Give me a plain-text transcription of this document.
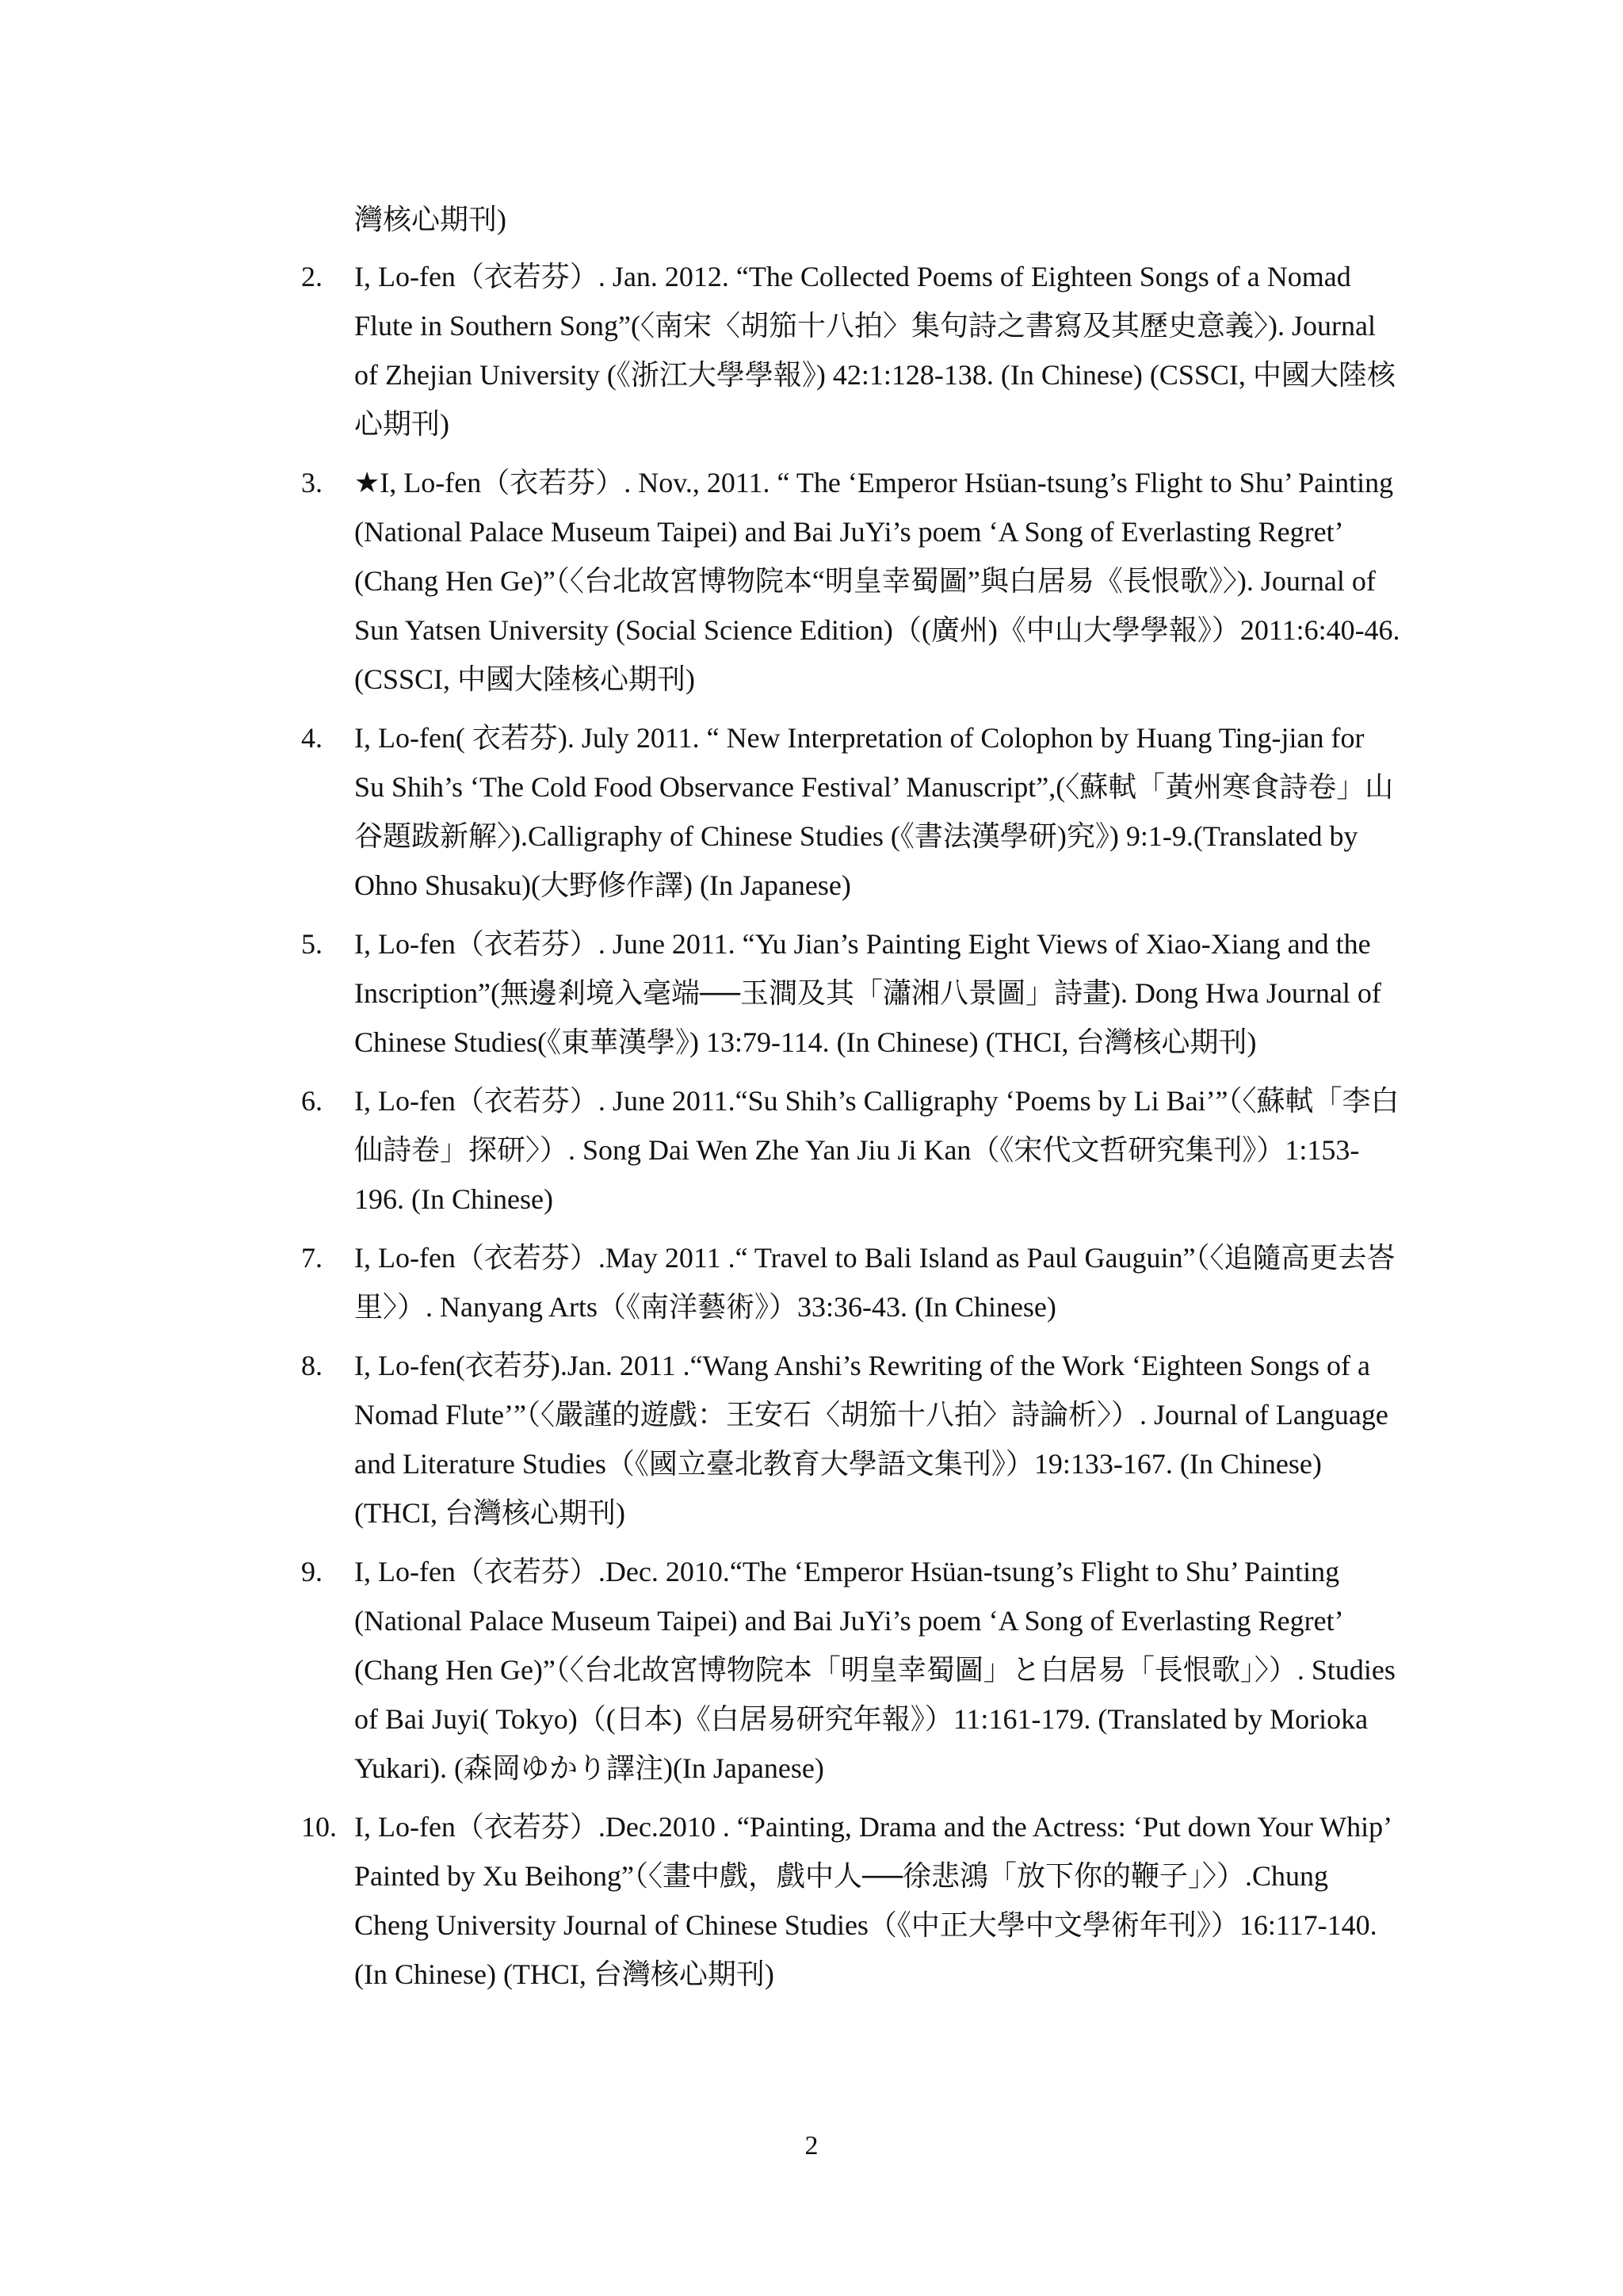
灣核心期刊)

2.	I, Lo-fen（衣若芬）. Jan. 2012. “The Collected Poems of Eighteen Songs of a Nomad Flute in Southern Song”(〈南宋〈胡笳十八拍〉集句詩之書寫及其歷史意義〉). Journal of Zhejian University (《浙江大學學報》) 42:1:128-138. (In Chinese) (CSSCI, 中國大陸核心期刊)
3.	★I, Lo-fen（衣若芬）. Nov., 2011. “ The ‘Emperor Hsüan-tsung’s Flight to Shu’ Painting (National Palace Museum Taipei) and Bai JuYi’s poem ‘A Song of Everlasting Regret’ (Chang Hen Ge)”（〈台北故宮博物院本“明皇幸蜀圖”與白居易《長恨歌》〉). Journal of Sun Yatsen University (Social Science Edition)（(廣州)《中山大學學報》）2011:6:40-46. (CSSCI, 中國大陸核心期刊)
4.	I, Lo-fen( 衣若芬). July 2011. “ New Interpretation of Colophon by Huang Ting-jian for Su Shih’s ‘The Cold Food Observance Festival’ Manuscript”,(〈蘇軾「黃州寒食詩卷」山谷題跋新解〉).Calligraphy of Chinese Studies (《書法漢學研)究》) 9:1-9.(Translated by Ohno Shusaku)(大野修作譯) (In Japanese)
5.	I, Lo-fen（衣若芬）. June 2011. “Yu Jian’s Painting Eight Views of Xiao-Xiang and the Inscription”(無邊剎境入毫端──玉澗及其「瀟湘八景圖」詩畫). Dong Hwa Journal of Chinese Studies(《東華漢學》) 13:79-114. (In Chinese) (THCI, 台灣核心期刊)
6.	I, Lo-fen（衣若芬）. June 2011.“Su Shih’s Calligraphy ‘Poems by Li Bai’”（〈蘇軾「李白仙詩卷」探研〉）. Song Dai Wen Zhe Yan Jiu Ji Kan（《宋代文哲研究集刊》）1:153-196. (In Chinese)
7.	I, Lo-fen（衣若芬）.May 2011 .“ Travel to Bali Island as Paul Gauguin”（〈追隨高更去峇里〉）. Nanyang Arts（《南洋藝術》）33:36-43. (In Chinese)
8.	I, Lo-fen(衣若芬).Jan. 2011 .“Wang Anshi’s Rewriting of the Work ‘Eighteen Songs of a Nomad Flute’”（〈嚴謹的遊戲：王安石〈胡笳十八拍〉詩論析〉）. Journal of Language and Literature Studies（《國立臺北教育大學語文集刊》）19:133-167. (In Chinese) (THCI, 台灣核心期刊)
9.	I, Lo-fen（衣若芬）.Dec. 2010.“The ‘Emperor Hsüan-tsung’s Flight to Shu’ Painting (National Palace Museum Taipei) and Bai JuYi’s poem ‘A Song of Everlasting Regret’ (Chang Hen Ge)”（〈台北故宮博物院本「明皇幸蜀圖」と白居易「長恨歌」〉）. Studies of Bai Juyi( Tokyo)（(日本)《白居易研究年報》）11:161-179. (Translated by Morioka Yukari). (森岡ゆかり譯注)(In Japanese)
10. I, Lo-fen（衣若芬）.Dec.2010 . “Painting, Drama and the Actress: ‘Put down Your Whip’ Painted by Xu Beihong”（〈畫中戲，戲中人──徐悲鴻「放下你的鞭子」〉）.Chung Cheng University Journal of Chinese Studies（《中正大學中文學術年刊》）16:117-140. (In Chinese) (THCI, 台灣核心期刊)
2
